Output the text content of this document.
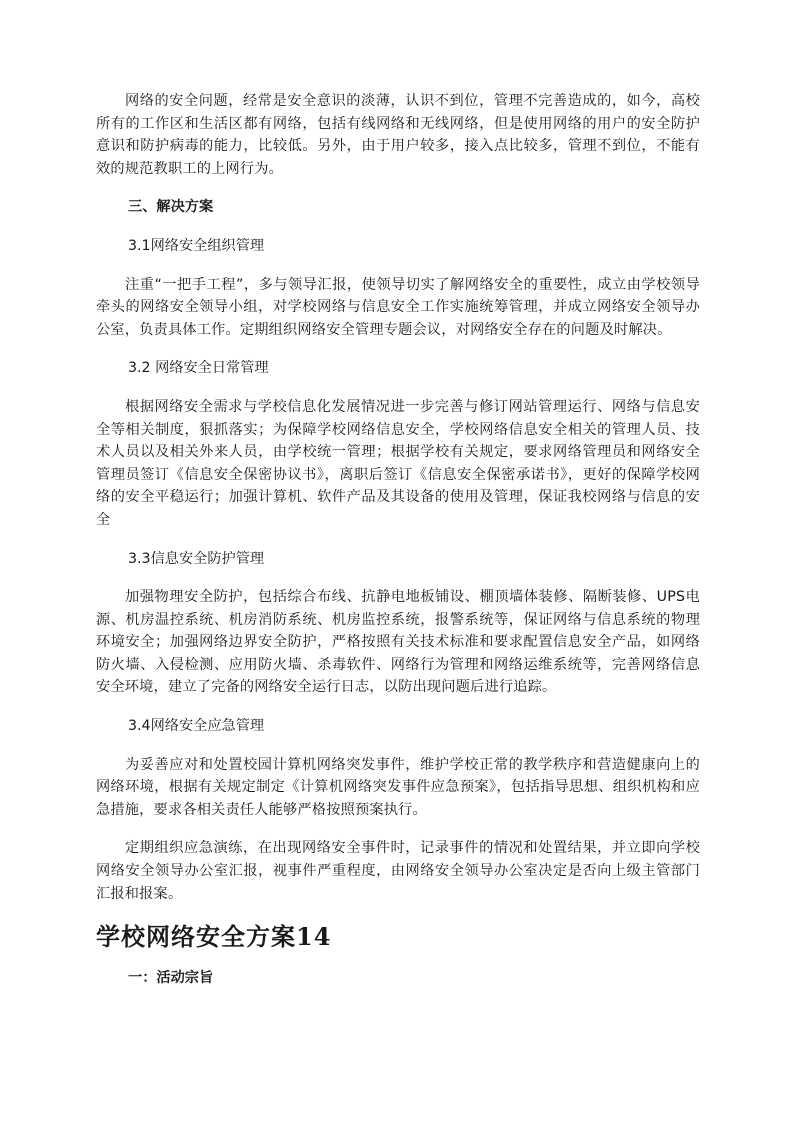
网络的安全问题，经常是安全意识的淡薄，认识不到位，管理不完善造成的，如今，高校所有的工作区和生活区都有网络，包括有线网络和无线网络，但是使用网络的用户的安全防护意识和防护病毒的能力，比较低。另外，由于用户较多，接入点比较多，管理不到位，不能有效的规范教职工的上网行为。

三、解决方案

3.1网络安全组织管理

注重“一把手工程”，多与领导汇报，使领导切实了解网络安全的重要性，成立由学校领导牵头的网络安全领导小组，对学校网络与信息安全工作实施统筹管理，并成立网络安全领导办公室，负责具体工作。定期组织网络安全管理专题会议，对网络安全存在的问题及时解决。

3.2 网络安全日常管理

根据网络安全需求与学校信息化发展情况进一步完善与修订网站管理运行、网络与信息安全等相关制度，狠抓落实；为保障学校网络信息安全，学校网络信息安全相关的管理人员、技术人员以及相关外来人员，由学校统一管理；根据学校有关规定，要求网络管理员和网络安全管理员签订《信息安全保密协议书》，离职后签订《信息安全保密承诺书》，更好的保障学校网络的安全平稳运行；加强计算机、软件产品及其设备的使用及管理，保证我校网络与信息的安全

3.3信息安全防护管理

加强物理安全防护，包括综合布线、抗静电地板铺设、棚顶墙体装修、隔断装修、UPS电源、机房温控系统、机房消防系统、机房监控系统，报警系统等，保证网络与信息系统的物理环境安全；加强网络边界安全防护，严格按照有关技术标准和要求配置信息安全产品，如网络防火墙、入侵检测、应用防火墙、杀毒软件、网络行为管理和网络运维系统等，完善网络信息安全环境，建立了完备的网络安全运行日志，以防出现问题后进行追踪。

3.4网络安全应急管理

为妥善应对和处置校园计算机网络突发事件，维护学校正常的教学秩序和营造健康向上的网络环境，根据有关规定制定《计算机网络突发事件应急预案》，包括指导思想、组织机构和应急措施，要求各相关责任人能够严格按照预案执行。

定期组织应急演练，在出现网络安全事件时，记录事件的情况和处置结果，并立即向学校网络安全领导办公室汇报，视事件严重程度，由网络安全领导办公室决定是否向上级主管部门汇报和报案。

学校网络安全方案14

一：活动宗旨
